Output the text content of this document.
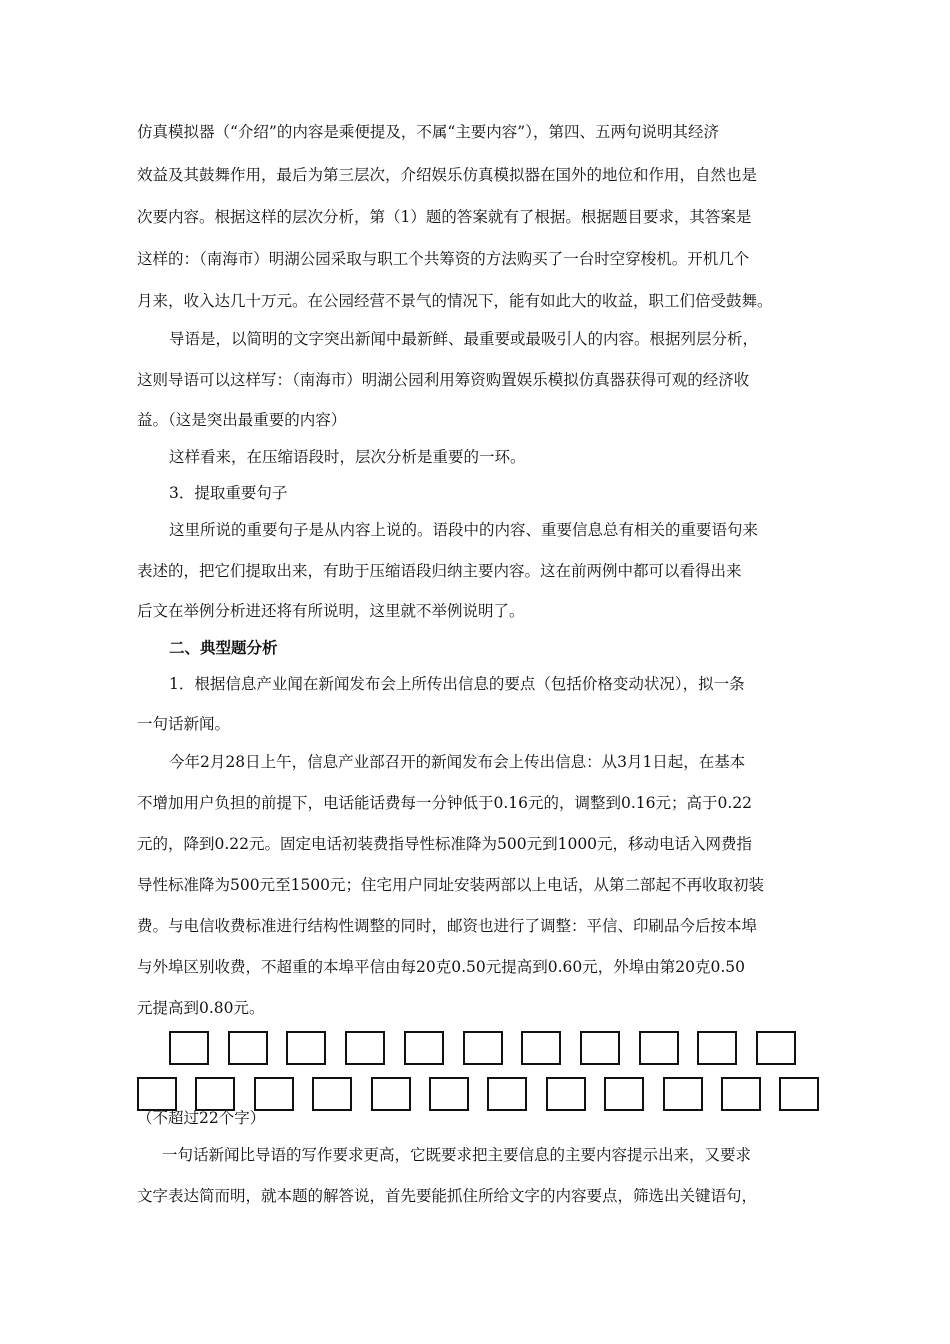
仿真模拟器（“介绍”的内容是乘便提及，不属“主要内容”），第四、五两句说明其经济
效益及其鼓舞作用，最后为第三层次，介绍娱乐仿真模拟器在国外的地位和作用，自然也是
次要内容。根据这样的层次分析，第（1）题的答案就有了根据。根据题目要求，其答案是
这样的：（南海市）明湖公园采取与职工个共筹资的方法购买了一台时空穿梭机。开机几个
月来，收入达几十万元。在公园经营不景气的情况下，能有如此大的收益，职工们倍受鼓舞。
导语是，以简明的文字突出新闻中最新鲜、最重要或最吸引人的内容。根据列层分析，
这则导语可以这样写：（南海市）明湖公园利用筹资购置娱乐模拟仿真器获得可观的经济收
益。（这是突出最重要的内容）
这样看来，在压缩语段时，层次分析是重要的一环。
3．提取重要句子
这里所说的重要句子是从内容上说的。语段中的内容、重要信息总有相关的重要语句来
表述的，把它们提取出来，有助于压缩语段归纳主要内容。这在前两例中都可以看得出来
后文在举例分析进还将有所说明，这里就不举例说明了。
二、典型题分析
1．根据信息产业闻在新闻发布会上所传出信息的要点（包括价格变动状况），拟一条
一句话新闻。
今年2月28日上午，信息产业部召开的新闻发布会上传出信息：从3月1日起，在基本
不增加用户负担的前提下，电话能话费每一分钟低于0.16元的，调整到0.16元；高于0.22
元的，降到0.22元。固定电话初装费指导性标准降为500元到1000元，移动电话入网费指
导性标准降为500元至1500元；住宅用户同址安装两部以上电话，从第二部起不再收取初装
费。与电信收费标准进行结构性调整的同时，邮资也进行了调整：平信、印刷品今后按本埠
与外埠区别收费，不超重的本埠平信由每20克0.50元提高到0.60元，外埠由第20克0.50
元提高到0.80元。
（不超过22个字）
一句话新闻比导语的写作要求更高，它既要求把主要信息的主要内容提示出来，又要求
文字表达简而明，就本题的解答说，首先要能抓住所给文字的内容要点，筛选出关键语句，
